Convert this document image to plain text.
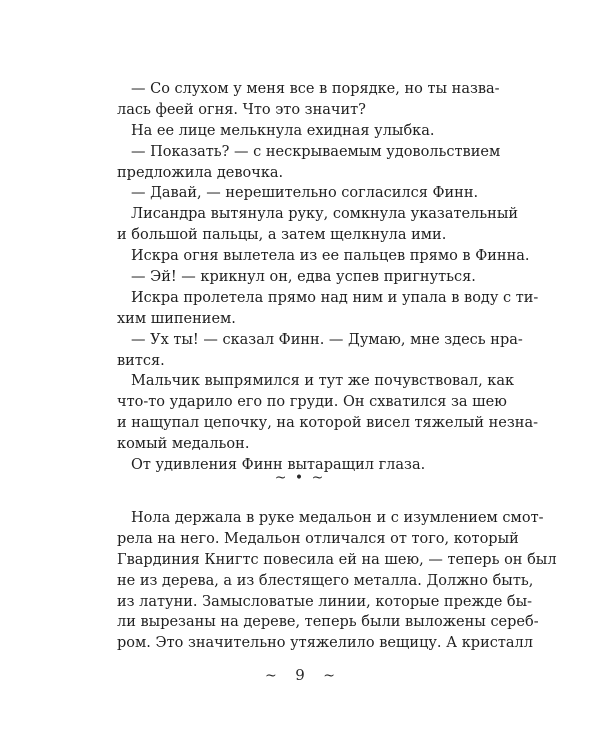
— Со слухом у меня все в порядке, но ты назва-
лась феей огня. Что это значит?
На ее лице мелькнула ехидная улыбка.
— Показать? — с нескрываемым удовольствием
предложила девочка.
— Давай, — нерешительно согласился Финн.
Лисандра вытянула руку, сомкнула указательный
и большой пальцы, а затем щелкнула ими.
Искра огня вылетела из ее пальцев прямо в Финна.
— Эй! — крикнул он, едва успев пригнуться.
Искра пролетела прямо над ним и упала в воду с ти-
хим шипением.
— Ух ты! — сказал Финн. — Думаю, мне здесь нра-
вится.
Мальчик выпрямился и тут же почувствовал, как
что-то ударило его по груди. Он схватился за шею
и нащупал цепочку, на которой висел тяжелый незна-
комый медальон.
От удивления Финн вытаращил глаза.
~ • ~
Нола держала в руке медальон и с изумлением смот-
рела на него. Медальон отличался от того, который
Гвардиния Книгтс повесила ей на шею, — теперь он был
не из дерева, а из блестящего металла. Должно быть,
из латуни. Замысловатые линии, которые прежде бы-
ли вырезаны на дереве, теперь были выложены сереб-
ром. Это значительно утяжелило вещицу. А кристалл
~ 9 ~
